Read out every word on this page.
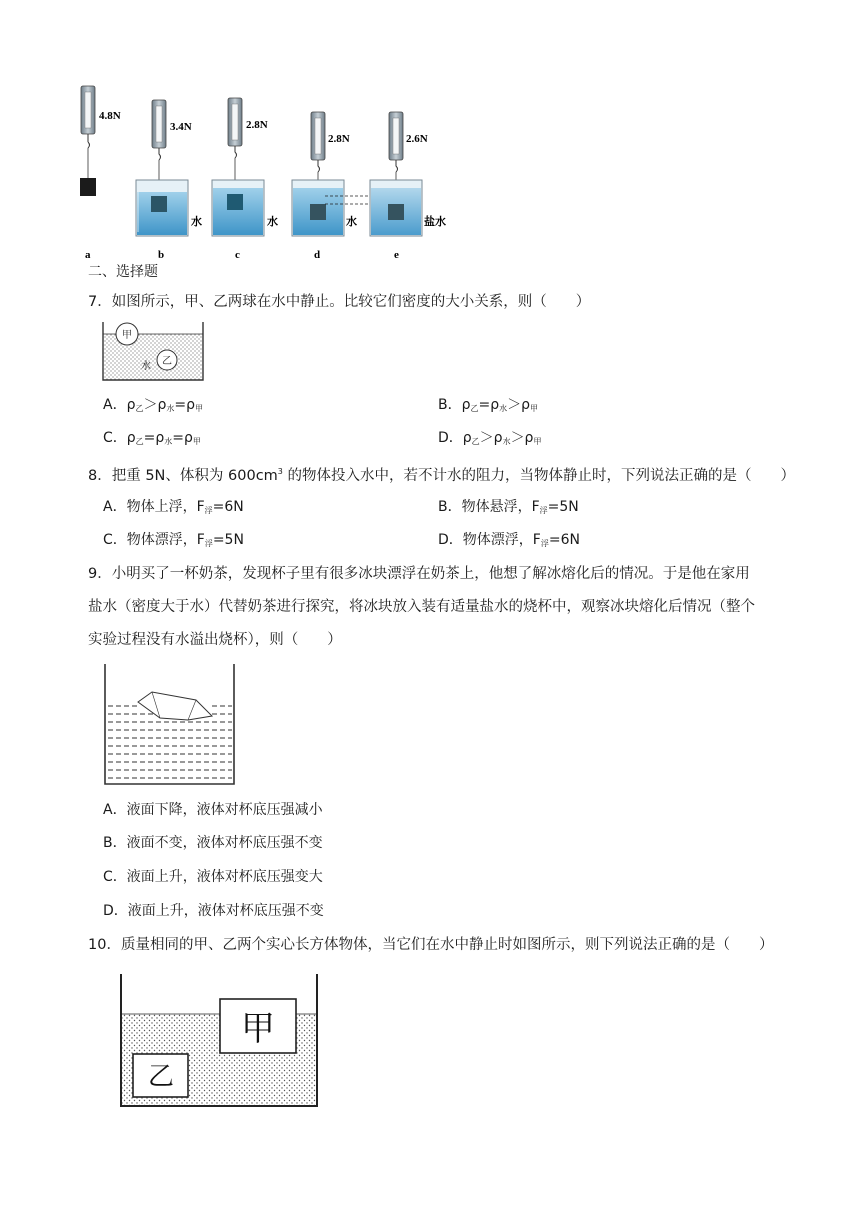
4.8N
3.4N
水
2.8N
水
2.8N
水
2.6N
盐水
a	b	c	d	e
二、选择题
7．如图所示，甲、乙两球在水中静止。比较它们密度的大小关系，则（　　）
甲
乙
水
A．$\rho_乙>\rho_水=\rho_甲$	B．$\rho_乙=\rho_水>\rho_甲$
C．$\rho_乙=\rho_水=\rho_甲$	D．$\rho_乙>\rho_水>\rho_甲$
8．把重 5N、体积为 $600cm^3$ 的物体投入水中，若不计水的阻力，当物体静止时，下列说法正确的是（　　）
A．物体上浮，$F_浮=6N$	B．物体悬浮，$F_浮=5N$
C．物体漂浮，$F_浮=5N$	D．物体漂浮，$F_浮=6N$
9．小明买了一杯奶茶，发现杯子里有很多冰块漂浮在奶茶上，他想了解冰熔化后的情况。于是他在家用
盐水（密度大于水）代替奶茶进行探究，将冰块放入装有适量盐水的烧杯中，观察冰块熔化后情况（整个
实验过程没有水溢出烧杯），则（　　）
A．液面下降，液体对杯底压强减小
B．液面不变，液体对杯底压强不变
C．液面上升，液体对杯底压强变大
D．液面上升，液体对杯底压强不变
10．质量相同的甲、乙两个实心长方体物体，当它们在水中静止时如图所示，则下列说法正确的是（　　）
甲
乙
